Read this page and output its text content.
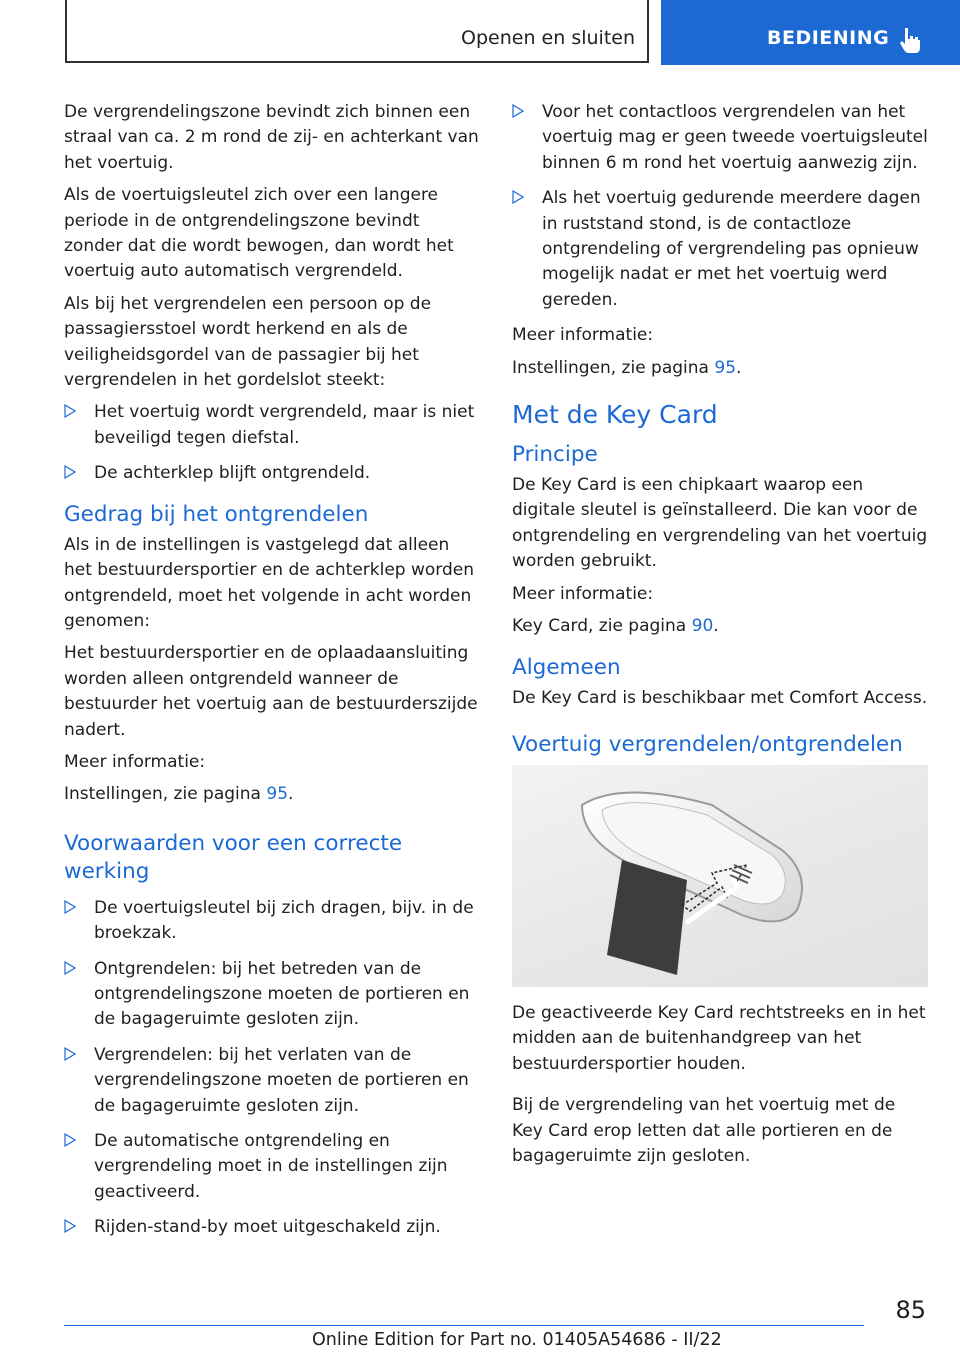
Openen en sluiten	BEDIENING

De vergrendelingszone bevindt zich binnen een straal van ca. 2 m rond de zij- en achterkant van het voertuig.

Als de voertuigsleutel zich over een langere periode in de ontgrendelingszone bevindt zonder dat die wordt bewogen, dan wordt het voertuig auto automatisch vergrendeld.

Als bij het vergrendelen een persoon op de passagiersstoel wordt herkend en als de veiligheidsgordel van de passagier bij het vergrendelen in het gordelslot steekt:

Het voertuig wordt vergrendeld, maar is niet beveiligd tegen diefstal.
De achterklep blijft ontgrendeld.
Gedrag bij het ontgrendelen

Als in de instellingen is vastgelegd dat alleen het bestuurdersportier en de achterklep worden ontgrendeld, moet het volgende in acht worden genomen:

Het bestuurdersportier en de oplaadaansluiting worden alleen ontgrendeld wanneer de bestuurder het voertuig aan de bestuurderszijde nadert.

Meer informatie:

Instellingen, zie pagina 95.

Voorwaarden voor een correcte werking
De voertuigsleutel bij zich dragen, bijv. in de broekzak.
Ontgrendelen: bij het betreden van de ontgrendelingszone moeten de portieren en de bagageruimte gesloten zijn.
Vergrendelen: bij het verlaten van de vergrendelingszone moeten de portieren en de bagageruimte gesloten zijn.
De automatische ontgrendeling en vergrendeling moet in de instellingen zijn geactiveerd.
Rijden-stand-by moet uitgeschakeld zijn.
Voor het contactloos vergrendelen van het voertuig mag er geen tweede voertuigsleutel binnen 6 m rond het voertuig aanwezig zijn.
Als het voertuig gedurende meerdere dagen in ruststand stond, is de contactloze ontgrendeling of vergrendeling pas opnieuw mogelijk nadat er met het voertuig werd gereden.

Meer informatie:

Instellingen, zie pagina 95.

Met de Key Card
Principe

De Key Card is een chipkaart waarop een digitale sleutel is geïnstalleerd. Die kan voor de ontgrendeling en vergrendeling van het voertuig worden gebruikt.

Meer informatie:

Key Card, zie pagina 90.

Algemeen

De Key Card is beschikbaar met Comfort Access.

Voertuig vergrendelen/ontgrendelen

De geactiveerde Key Card rechtstreeks en in het midden aan de buitenhandgreep van het bestuurdersportier houden.

Bij de vergrendeling van het voertuig met de Key Card erop letten dat alle portieren en de bagageruimte zijn gesloten.

85
Online Edition for Part no. 01405A54686 - II/22
